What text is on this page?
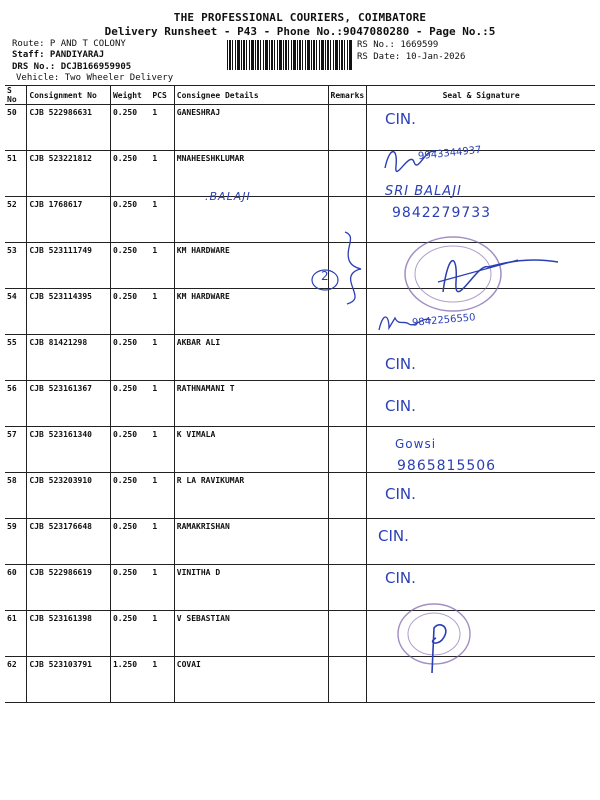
THE PROFESSIONAL COURIERS, COIMBATORE
Delivery Runsheet - P43 - Phone No.:9047080280 - Page No.:5
Route: P AND T COLONY
Staff: PANDIYARAJ
DRS No.: DCJB166959905
Vehicle: Two Wheeler Delivery
RS No.: 1669599
RS Date: 10-Jan-2026
S No	Consignment No	Weight	PCS	Consignee Details	Remarks	Seal & Signature
50	CJB 522986631	0.250	1	GANESHRAJ		
51	CJB 523221812	0.250	1	MNAHEESHKLUMAR		
52	CJB 1768617	0.250	1			
53	CJB 523111749	0.250	1	KM HARDWARE		
54	CJB 523114395	0.250	1	KM HARDWARE		
55	CJB 81421298	0.250	1	AKBAR ALI		
56	CJB 523161367	0.250	1	RATHNAMANI T		
57	CJB 523161340	0.250	1	K VIMALA		
58	CJB 523203910	0.250	1	R LA RAVIKUMAR		
59	CJB 523176648	0.250	1	RAMAKRISHAN		
60	CJB 522986619	0.250	1	VINITHA D		
61	CJB 523161398	0.250	1	V SEBASTIAN		
62	CJB 523103791	1.250	1	COVAI		
CIN.
9943344937
.BALAJI	SRI BALAJI
9842279733
2
9842256550
CIN.
CIN.
Gowsi
9865815506
CIN.
CIN.
CIN.
